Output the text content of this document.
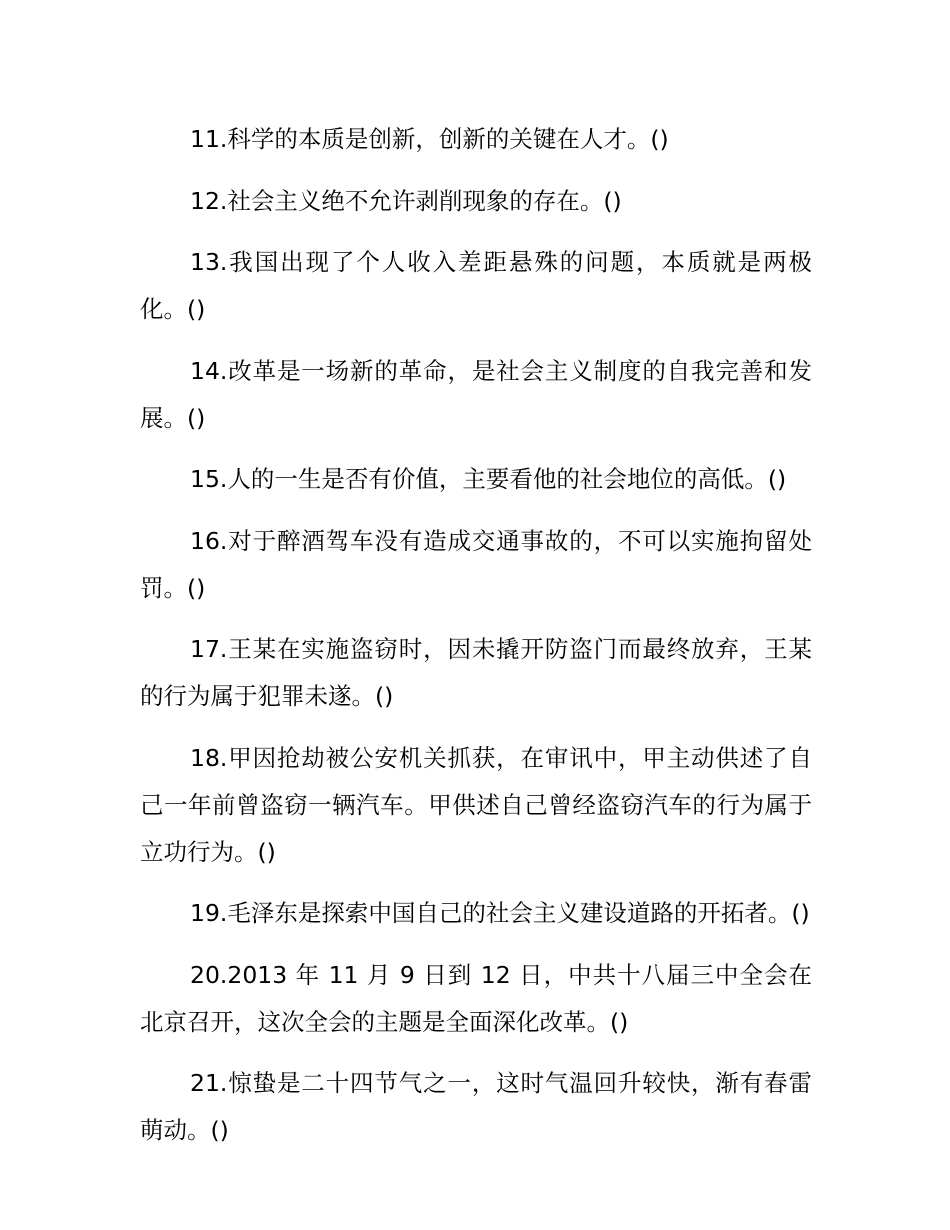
11.科学的本质是创新，创新的关键在人才。()

12.社会主义绝不允许剥削现象的存在。()

13.我国出现了个人收入差距悬殊的问题，本质就是两极化。()

14.改革是一场新的革命，是社会主义制度的自我完善和发展。()

15.人的一生是否有价值，主要看他的社会地位的高低。()

16.对于醉酒驾车没有造成交通事故的，不可以实施拘留处罚。()

17.王某在实施盗窃时，因未撬开防盗门而最终放弃，王某的行为属于犯罪未遂。()

18.甲因抢劫被公安机关抓获，在审讯中，甲主动供述了自己一年前曾盗窃一辆汽车。甲供述自己曾经盗窃汽车的行为属于立功行为。()

19.毛泽东是探索中国自己的社会主义建设道路的开拓者。()

20.2013 年 11 月 9 日到 12 日，中共十八届三中全会在北京召开，这次全会的主题是全面深化改革。()

21.惊蛰是二十四节气之一，这时气温回升较快，渐有春雷萌动。()
